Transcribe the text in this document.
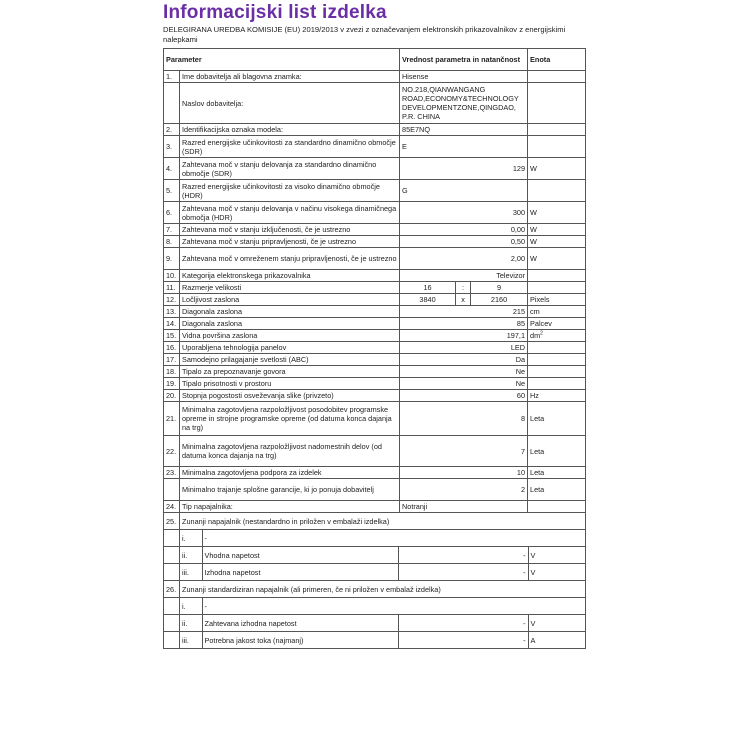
Informacijski list izdelka
DELEGIRANA UREDBA KOMISIJE (EU) 2019/2013 v zvezi z označevanjem elektronskih prikazovalnikov z energijskimi nalepkami
Parameter	Vrednost parametra in natančnost	Enota
1.	Ime dobavitelja ali blagovna znamka:	Hisense	
	Naslov dobavitelja:	NO.218,QIANWANGANG ROAD,ECONOMY&TECHNOLOGY DEVELOPMENTZONE,QINGDAO, P.R. CHINA	
2.	Identifikacijska oznaka modela:	85E7NQ	
3.	Razred energijske učinkovitosti za standardno dinamično območje (SDR)	E	
4.	Zahtevana moč v stanju delovanja za standardno dinamično območje (SDR)	129	W
5.	Razred energijske učinkovitosti za visoko dinamično območje (HDR)	G	
6.	Zahtevana moč v stanju delovanja v načinu visokega dinamičnega območja (HDR)	300	W
7.	Zahtevana moč v stanju izključenosti, če je ustrezno	0,00	W
8.	Zahtevana moč v stanju pripravljenosti, če je ustrezno	0,50	W
9.	Zahtevana moč v omreženem stanju pripravljenosti, če je ustrezno	2,00	W
10.	Kategorija elektronskega prikazovalnika	Televizor	
11.	Razmerje velikosti	16	:	9	
12.	Ločljivost zaslona	3840	x	2160	Pixels
13.	Diagonala zaslona	215	cm
14.	Diagonala zaslona	85	Palcev
15.	Vidna površina zaslona	197,1	$dm^2$
16.	Uporabljena tehnologija panelov	LED	
17.	Samodejno prilagajanje svetlosti (ABC)	Da	
18.	Tipalo za prepoznavanje govora	Ne	
19.	Tipalo prisotnosti v prostoru	Ne	
20.	Stopnja pogostosti osveževanja slike (privzeto)	60	Hz
21.	Minimalna zagotovljena razpoložljivost posodobitev programske opreme in strojne programske opreme (od datuma konca dajanja na trg)	8	Leta
22.	Minimalna zagotovljena razpoložljivost nadomestnih delov (od datuma konca dajanja na trg)	7	Leta
23.	Minimalna zagotovljena podpora za izdelek	10	Leta
	Minimalno trajanje splošne garancije, ki jo ponuja dobavitelj	2	Leta
24.	Tip napajalnika:	Notranji	
25.	Zunanji napajalnik (nestandardno in priložen v embalaži izdelka)

i.	-

ii.	Vhodna napetost	-	V

iii.	Izhodna napetost	-	V

26.	Zunanji standardiziran napajalnik (ali primeren, če ni priložen v embalaž izdelka)

i.	-

ii.	Zahtevana izhodna napetost	-	V

iii.	Potrebna jakost toka (najmanj)	-	A
